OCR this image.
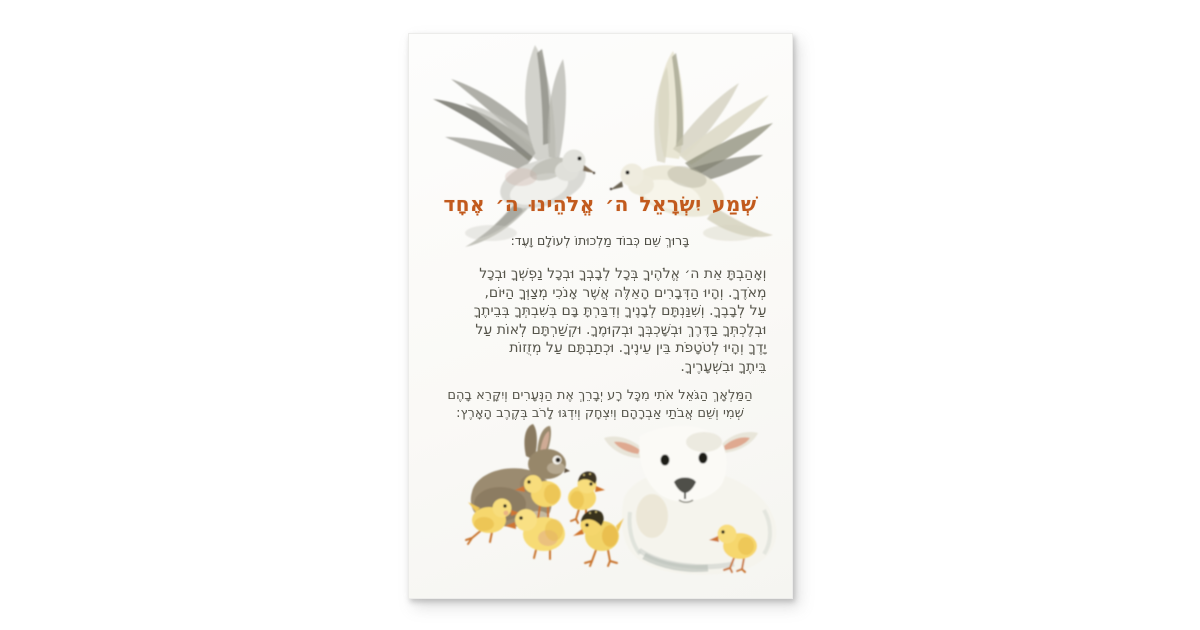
שְׁמַע יִשְׂרָאֵל ה׳ אֱלֹהֵינוּ ה׳ אֶחָד
בָּרוּךְ שֵׁם כְּבוֹד מַלְכוּתוֹ לְעוֹלָם וָעֶד:
וְאָהַבְתָּ אֵת ה׳ אֱלֹהֶיךָ בְּכָל לְבָבְךָ וּבְכָל נַפְשְׁךָ וּבְכָל
מְאֹדֶךָ. וְהָיוּ הַדְּבָרִים הָאֵלֶּה אֲשֶׁר אָנֹכִי מְצַוְּךָ הַיּוֹם,
עַל לְבָבֶךָ. וְשִׁנַּנְתָּם לְבָנֶיךָ וְדִבַּרְתָּ בָּם בְּשִׁבְתְּךָ בְּבֵיתֶךָ
וּבְלֶכְתְּךָ בַדֶּרֶךְ וּבְשָׁכְבְּךָ וּבְקוּמֶךָ. וּקְשַׁרְתָּם לְאוֹת עַל
יָדֶךָ וְהָיוּ לְטֹטָפֹת בֵּין עֵינֶיךָ. וּכְתַבְתָּם עַל מְזֻזוֹת
בֵּיתֶךָ וּבִשְׁעָרֶיךָ.
הַמַּלְאָךְ הַגֹּאֵל אֹתִי מִכָּל רָע יְבָרֵךְ אֶת הַנְּעָרִים וְיִקָּרֵא בָהֶם
שְׁמִי וְשֵׁם אֲבֹתַי אַבְרָהָם וְיִצְחָק וְיִדְגּוּ לָרֹב בְּקֶרֶב הָאָרֶץ:
